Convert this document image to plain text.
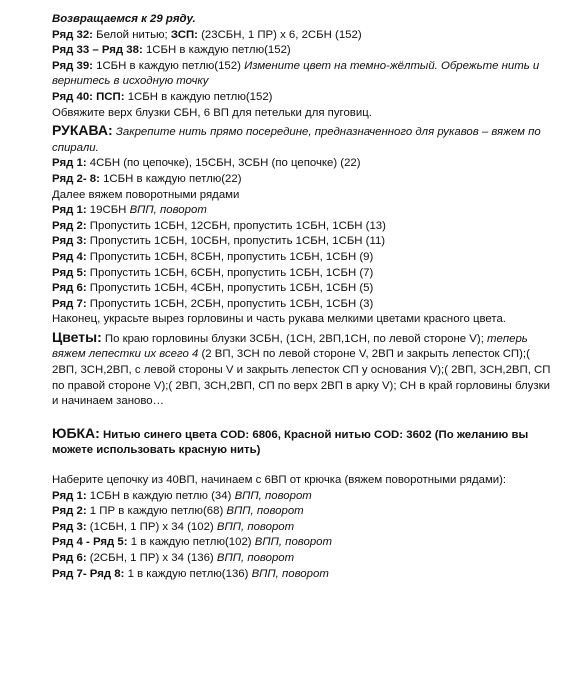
Возвращаемся к 29 ряду.
Ряд 32: Белой нитью; ЗСП: (23СБН, 1 ПР) x 6, 2СБН (152)
Ряд 33 – Ряд 38: 1СБН в каждую петлю(152)
Ряд 39: 1СБН в каждую петлю(152) Измените цвет на темно-жёлтый. Обрежьте нить и вернитесь в исходную точку
Ряд 40: ПСП: 1СБН в каждую петлю(152)
Обвяжите верх блузки СБН, 6 ВП для петельки для пуговиц.
РУКАВА: Закрепите нить прямо посередине, предназначенного для рукавов – вяжем по спирали.
Ряд 1: 4СБН (по цепочке), 15СБН, 3СБН (по цепочке) (22)
Ряд 2- 8: 1СБН в каждую петлю(22)
Далее вяжем поворотными рядами
Ряд 1: 19СБН ВПП, поворот
Ряд 2: Пропустить 1СБН, 12СБН, пропустить 1СБН, 1СБН (13)
Ряд 3: Пропустить 1СБН, 10СБН, пропустить 1СБН, 1СБН (11)
Ряд 4: Пропустить 1СБН, 8СБН, пропустить 1СБН, 1СБН (9)
Ряд 5: Пропустить 1СБН, 6СБН, пропустить 1СБН, 1СБН (7)
Ряд 6: Пропустить 1СБН, 4СБН, пропустить 1СБН, 1СБН (5)
Ряд 7: Пропустить 1СБН, 2СБН, пропустить 1СБН, 1СБН (3)
Наконец, украсьте вырез горловины и часть рукава мелкими цветами красного цвета.
Цветы: По краю горловины блузки 3СБН, (1СН, 2ВП,1СН, по левой стороне V); теперь вяжем лепестки их всего 4 (2 ВП, 3СН по левой стороне V, 2ВП и закрыть лепесток СП);( 2ВП, 3СН,2ВП, с левой стороны V и закрыть лепесток СП у основания V);( 2ВП, 3СН,2ВП, СП по правой стороне V);( 2ВП, 3СН,2ВП, СП по верх 2ВП в арку V); СН в край горловины блузки и начинаем заново…
ЮБКА: Нитью синего цвета COD: 6806, Красной нитью COD: 3602 (По желанию вы можете использовать красную нить)
Наберите цепочку из 40ВП, начинаем с 6ВП от крючка (вяжем поворотными рядами):
Ряд 1: 1СБН в каждую петлю (34) ВПП, поворот
Ряд 2: 1 ПР в каждую петлю(68) ВПП, поворот
Ряд 3: (1СБН, 1 ПР) x 34 (102) ВПП, поворот
Ряд 4 - Ряд 5: 1 в каждую петлю(102) ВПП, поворот
Ряд 6: (2СБН, 1 ПР) x 34 (136) ВПП, поворот
Ряд 7- Ряд 8: 1 в каждую петлю(136) ВПП, поворот
